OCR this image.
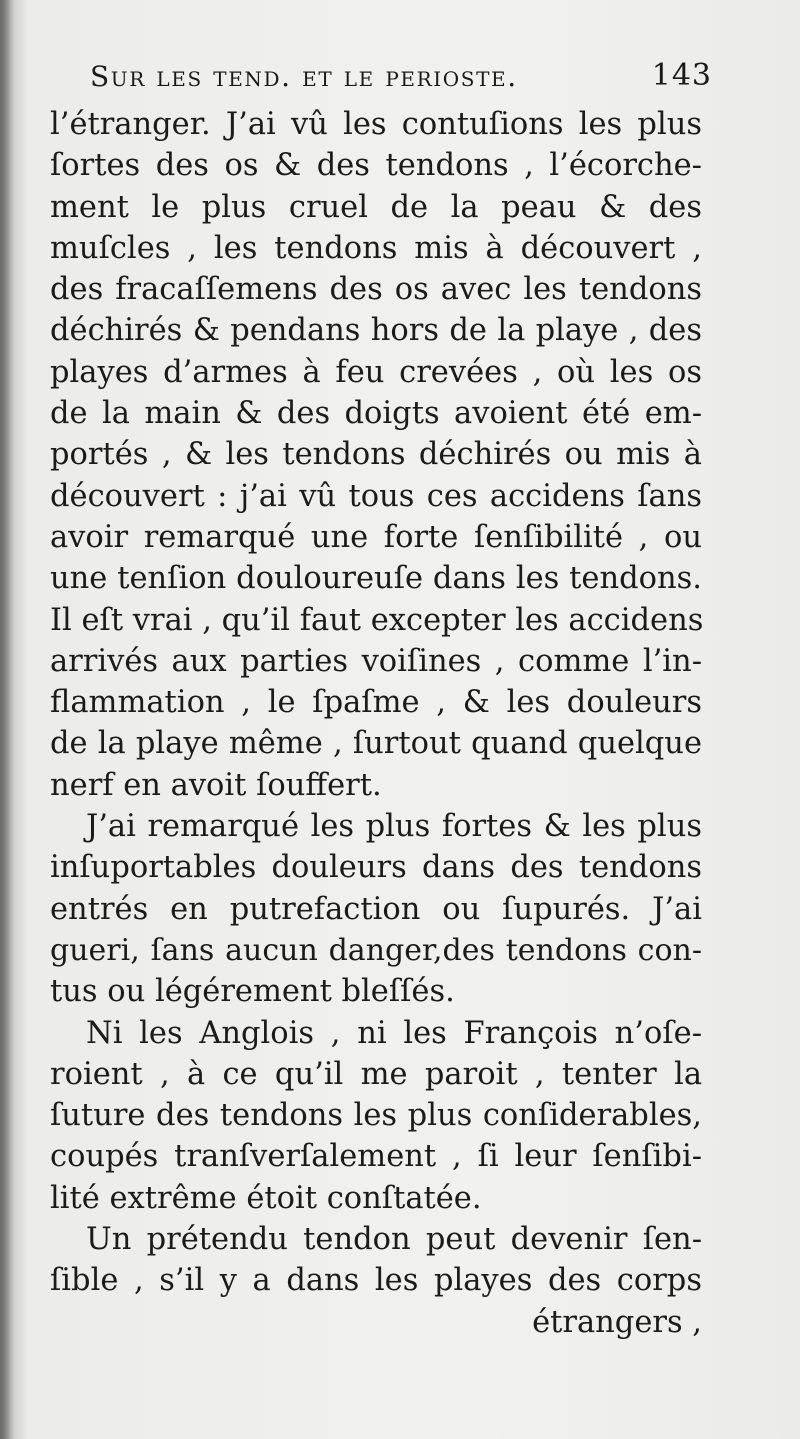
Sur les tend. et le perioste.	143
l’étranger. J’ai vû les contuſions les plus
ſortes des os & des tendons , l’écorche-
ment le plus cruel de la peau & des
muſcles , les tendons mis à découvert ,
des fracaſſemens des os avec les tendons
déchirés & pendans hors de la playe , des
playes d’armes à feu crevées , où les os
de la main & des doigts avoient été em-
portés , & les tendons déchirés ou mis à
découvert : j’ai vû tous ces accidens ſans
avoir remarqué une forte ſenſibilité , ou
une tenſion douloureuſe dans les tendons.
Il eſt vrai , qu’il faut excepter les accidens
arrivés aux parties voiſines , comme l’in-
flammation , le ſpaſme , & les douleurs
de la playe même , ſurtout quand quelque
nerf en avoit ſouffert.
J’ai remarqué les plus fortes & les plus
inſuportables douleurs dans des tendons
entrés en putrefaction ou ſupurés. J’ai
gueri, ſans aucun danger,des tendons con-
tus ou légérement bleſſés.
Ni les Anglois , ni les François n’oſe-
roient , à ce qu’il me paroit , tenter la
ſuture des tendons les plus conſiderables,
coupés tranſverſalement , ſi leur ſenſibi-
lité extrême étoit conſtatée.
Un prétendu tendon peut devenir ſen-
ſible , s’il y a dans les playes des corps
étrangers ,
